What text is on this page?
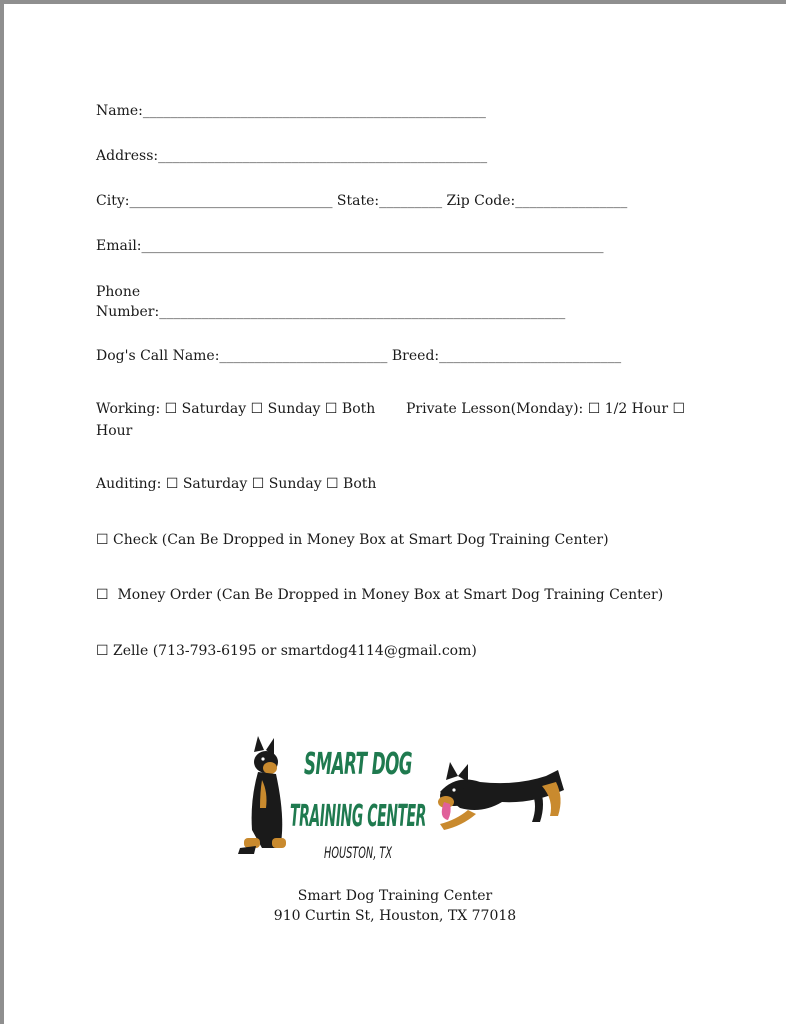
Name:_________________________________________________
Address:_______________________________________________
City:_____________________________ State:_________ Zip Code:________________
Email:__________________________________________________________________
Phone
Number:__________________________________________________________
Dog's Call Name:________________________ Breed:__________________________
Working: ☐ Saturday ☐ Sunday ☐ Both Private Lesson(Monday): ☐ 1/2 Hour ☐
Hour
Auditing: ☐ Saturday ☐ Sunday ☐ Both
☐ Check (Can Be Dropped in Money Box at Smart Dog Training Center)
☐  Money Order (Can Be Dropped in Money Box at Smart Dog Training Center)
☐ Zelle (713-793-6195 or smartdog4114@gmail.com)
SMART DOG
TRAINING CENTER
HOUSTON, TX
Smart Dog Training Center
910 Curtin St, Houston, TX 77018
